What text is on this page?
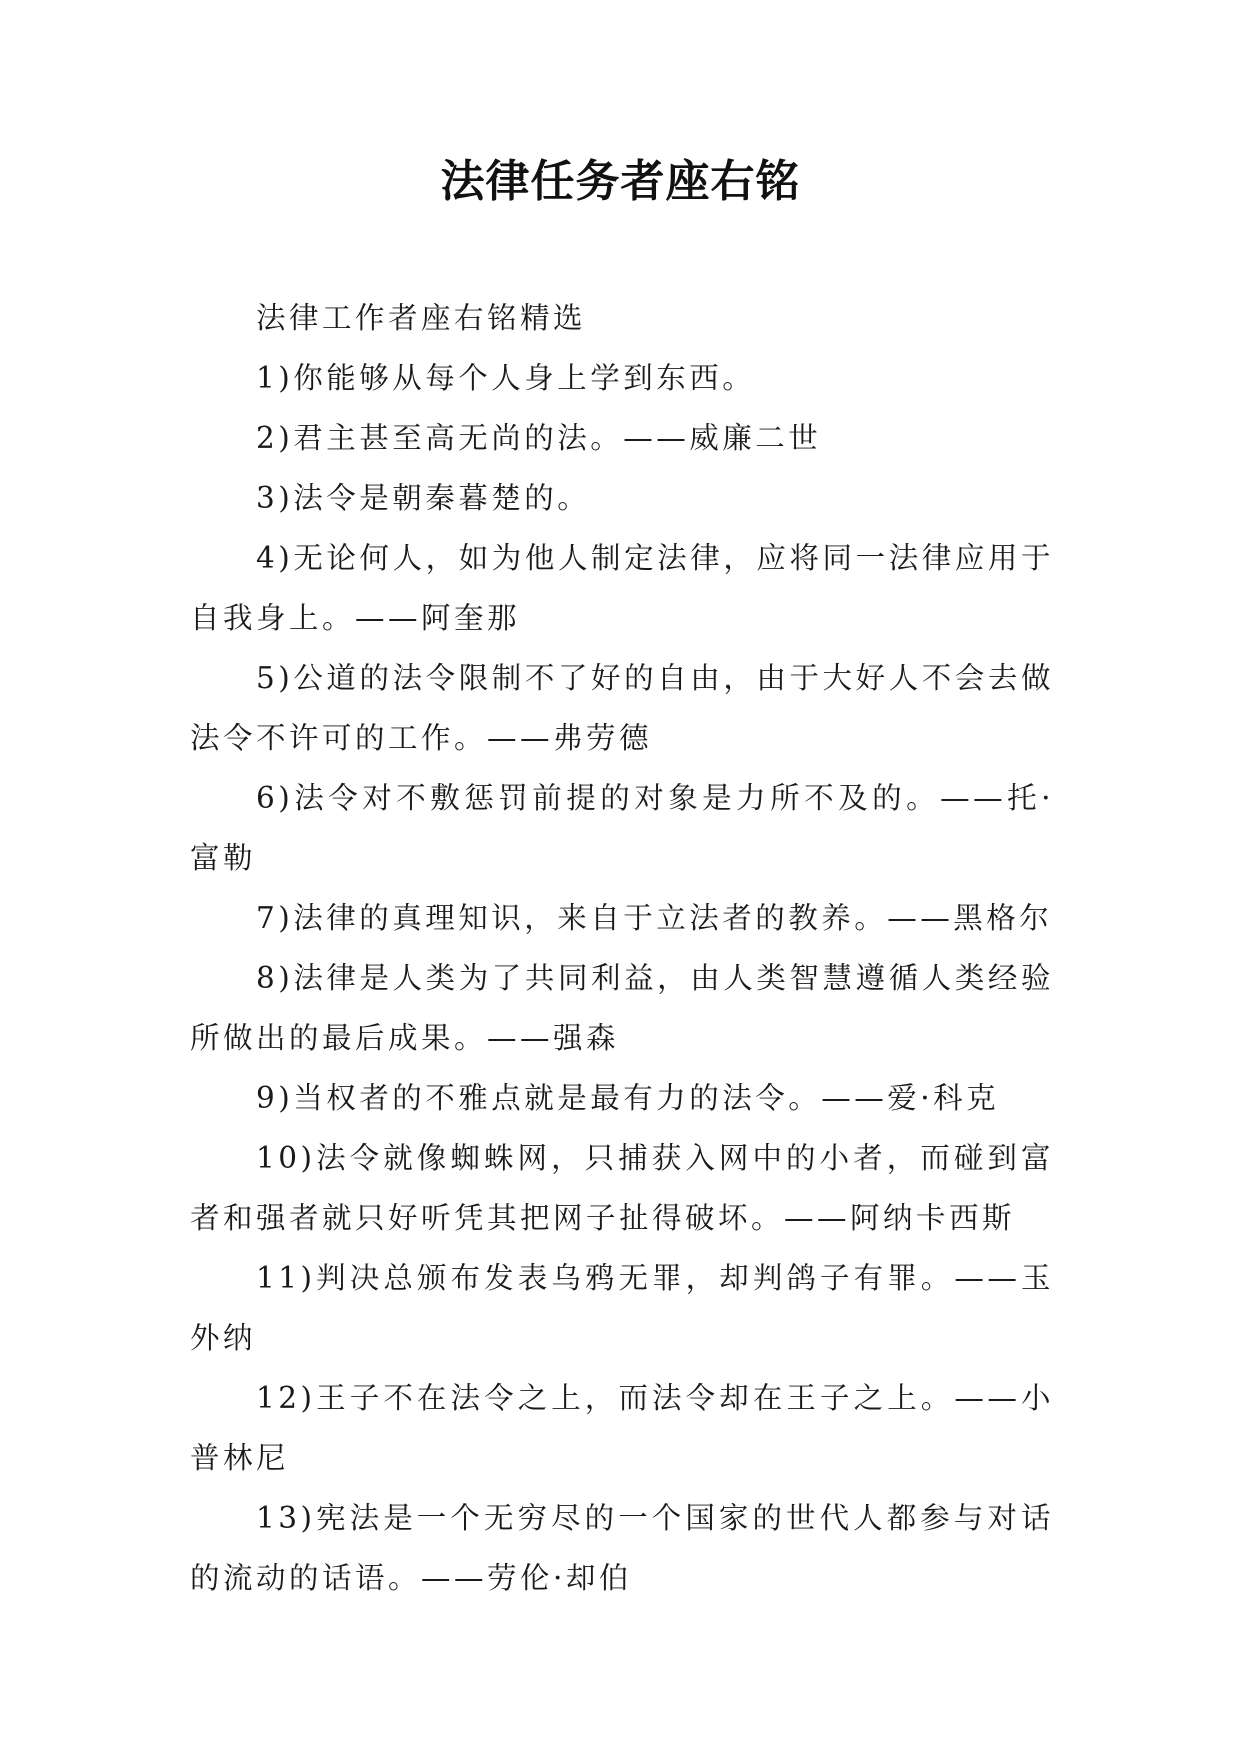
法律任务者座右铭

法律工作者座右铭精选

1)你能够从每个人身上学到东西。

2)君主甚至高无尚的法。——威廉二世

3)法令是朝秦暮楚的。

4)无论何人，如为他人制定法律，应将同一法律应用于自我身上。——阿奎那

5)公道的法令限制不了好的自由，由于大好人不会去做法令不许可的工作。——弗劳德

6)法令对不敷惩罚前提的对象是力所不及的。——托·富勒

7)法律的真理知识，来自于立法者的教养。——黑格尔

8)法律是人类为了共同利益，由人类智慧遵循人类经验所做出的最后成果。——强森

9)当权者的不雅点就是最有力的法令。——爱·科克

10)法令就像蜘蛛网，只捕获入网中的小者，而碰到富者和强者就只好听凭其把网子扯得破坏。——阿纳卡西斯

11)判决总颁布发表乌鸦无罪，却判鸽子有罪。——玉外纳

12)王子不在法令之上，而法令却在王子之上。——小普林尼

13)宪法是一个无穷尽的一个国家的世代人都参与对话的流动的话语。——劳伦·却伯
